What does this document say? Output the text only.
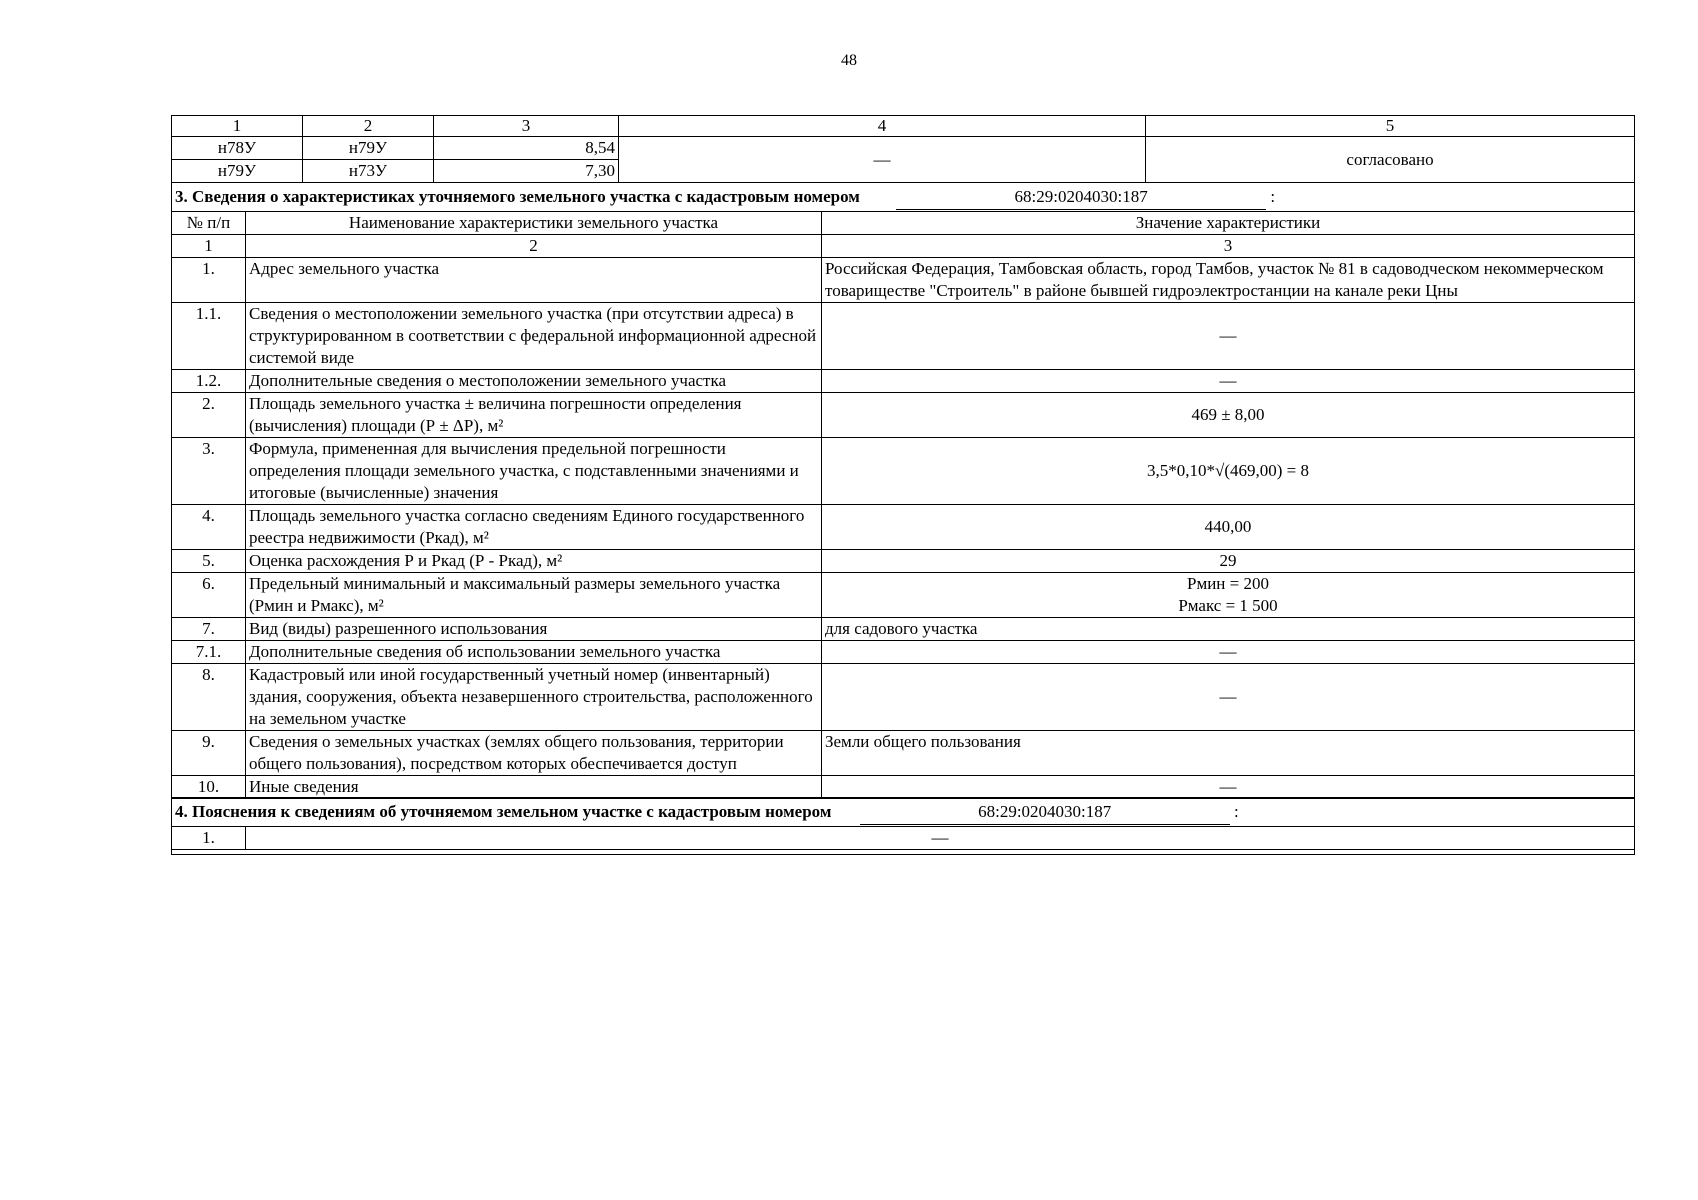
48
1	2	3	4	5
н78У	н79У	8,54	—	согласовано
н79У	н73У	7,30		
3. Сведения о характеристиках уточняемого земельного участка с кадастровым номером 68:29:0204030:187 :		
№ п/п	Наименование характеристики земельного участка	Значение характеристики
1	2	3
1.	Адрес земельного участка	Российская Федерация, Тамбовская область, город Тамбов, участок № 81 в садоводческом некоммерческом товариществе "Строитель" в районе бывшей гидроэлектростанции на канале реки Цны
1.1.	Сведения о местоположении земельного участка (при отсутствии адреса) в структурированном в соответствии с федеральной информационной адресной системой виде	—
1.2.	Дополнительные сведения о местоположении земельного участка	—
2.	Площадь земельного участка ± величина погрешности определения (вычисления) площади (Р ± ΔР), м²	469 ± 8,00
3.	Формула, примененная для вычисления предельной погрешности определения площади земельного участка, с подставленными значениями и итоговые (вычисленные) значения	3,5*0,10*√(469,00) = 8
4.	Площадь земельного участка согласно сведениям Единого государственного реестра недвижимости (Ркад), м²	440,00
5.	Оценка расхождения Р и Ркад (Р - Ркад), м²	29
6.	Предельный минимальный и максимальный размеры земельного участка (Рмин и Рмакс), м²	Рмин = 200
Рмакс = 1 500

7.	Вид (виды) разрешенного использования	для садового участка
7.1.	Дополнительные сведения об использовании земельного участка	—
8.	Кадастровый или иной государственный учетный номер (инвентарный) здания, сооружения, объекта незавершенного строительства, расположенного на земельном участке	—
9.	Сведения о земельных участках (землях общего пользования, территории общего пользования), посредством которых обеспечивается доступ	Земли общего пользования
10.	Иные сведения	—
4. Пояснения к сведениям об уточняемом земельном участке с кадастровым номером	68:29:0204030:187	:
1.	—
